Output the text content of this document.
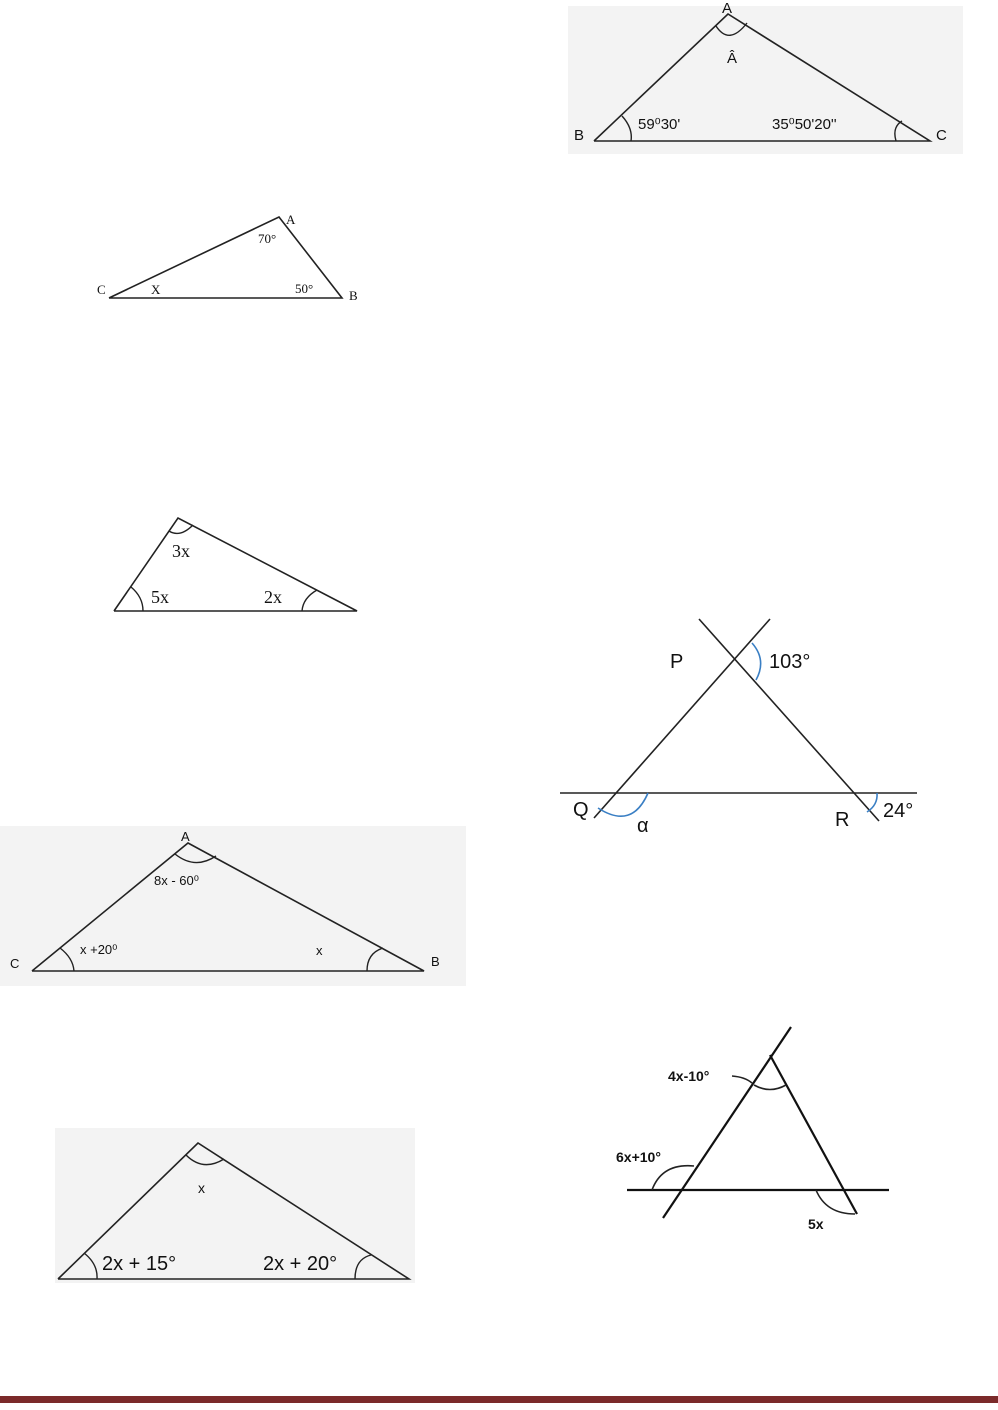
A
B	C
Â
59⁰30'	35⁰50'20''
A
B
C
70°
50°
X
3x
5x	2x
P
Q	R
103°
α
24°
A
C	B
8x - 60⁰
x +20⁰	x
4x-10°
6x+10°
5x
x
2x + 15°	2x + 20°
